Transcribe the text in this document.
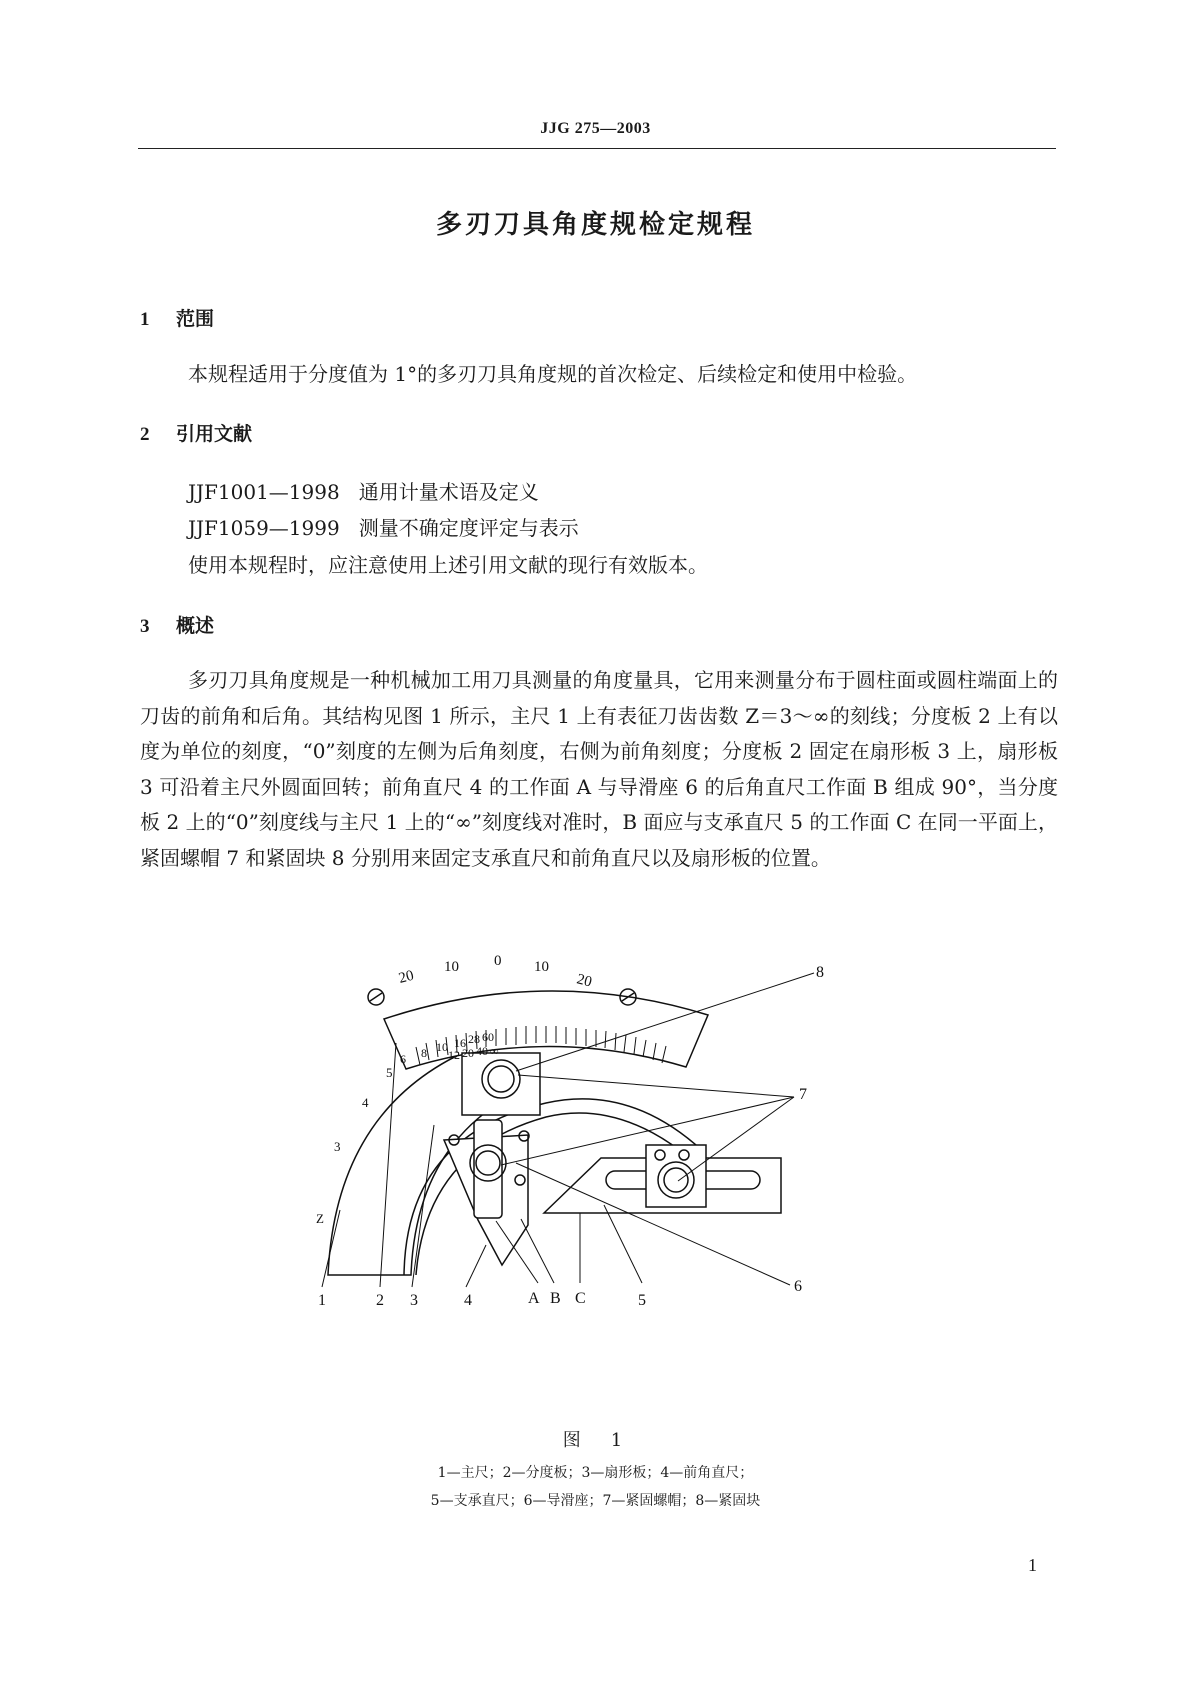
JJG 275—2003
多刃刀具角度规检定规程
1 范围
本规程适用于分度值为 1°的多刃刀具角度规的首次检定、后续检定和使用中检验。
2 引用文献
JJF1001—1998 通用计量术语及定义
JJF1059—1999 测量不确定度评定与表示
使用本规程时，应注意使用上述引用文献的现行有效版本。
3 概述
多刃刀具角度规是一种机械加工用刀具测量的角度量具，它用来测量分布于圆柱面或圆柱端面上的刀齿的前角和后角。其结构见图 1 所示，主尺 1 上有表征刀齿齿数 Z＝3～∞的刻线；分度板 2 上有以度为单位的刻度，“0”刻度的左侧为后角刻度，右侧为前角刻度；分度板 2 固定在扇形板 3 上，扇形板 3 可沿着主尺外圆面回转；前角直尺 4 的工作面 A 与导滑座 6 的后角直尺工作面 B 组成 90°，当分度板 2 上的“0”刻度线与主尺 1 上的“∞”刻度线对准时，B 面应与支承直尺 5 的工作面 C 在同一平面上，紧固螺帽 7 和紧固块 8 分别用来固定支承直尺和前角直尺以及扇形板的位置。
20
10 0 10
20
6 8 10 16 28 60
12 20 40 ∞
5
4
3
Z
1	2 3	4	A B C	5
6
7
8
图　1
1—主尺；2—分度板；3—扇形板；4—前角直尺；
5—支承直尺；6—导滑座；7—紧固螺帽；8—紧固块
1
